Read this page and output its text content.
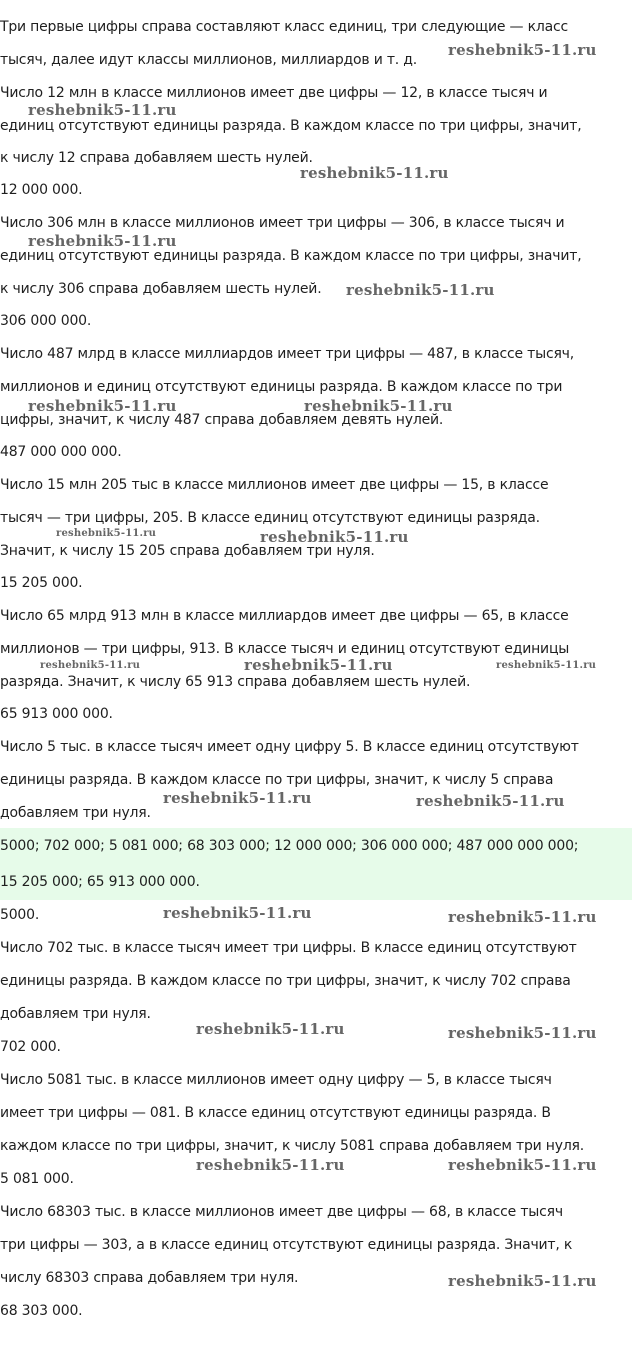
Три первые цифры справа составляют класс единиц, три следующие — класс
тысяч, далее идут классы миллионов, миллиардов и т. д.
Число 12 млн в классе миллионов имеет две цифры — 12, в классе тысяч и
единиц отсутствуют единицы разряда. В каждом классе по три цифры, значит,
к числу 12 справа добавляем шесть нулей.
12 000 000.
Число 306 млн в классе миллионов имеет три цифры — 306, в классе тысяч и
единиц отсутствуют единицы разряда. В каждом классе по три цифры, значит,
к числу 306 справа добавляем шесть нулей.
306 000 000.
Число 487 млрд в классе миллиардов имеет три цифры — 487, в классе тысяч,
миллионов и единиц отсутствуют единицы разряда. В каждом классе по три
цифры, значит, к числу 487 справа добавляем девять нулей.
487 000 000 000.
Число 15 млн 205 тыс в классе миллионов имеет две цифры — 15, в классе
тысяч — три цифры, 205. В классе единиц отсутствуют единицы разряда.
Значит, к числу 15 205 справа добавляем три нуля.
15 205 000.
Число 65 млрд 913 млн в классе миллиардов имеет две цифры — 65, в классе
миллионов — три цифры, 913. В классе тысяч и единиц отсутствуют единицы
разряда. Значит, к числу 65 913 справа добавляем шесть нулей.
65 913 000 000.
Число 5 тыс. в классе тысяч имеет одну цифру 5. В классе единиц отсутствуют
единицы разряда. В каждом классе по три цифры, значит, к числу 5 справа
добавляем три нуля.
5000; 702 000; 5 081 000; 68 303 000; 12 000 000; 306 000 000; 487 000 000 000;
15 205 000; 65 913 000 000.
5000.
Число 702 тыс. в классе тысяч имеет три цифры. В классе единиц отсутствуют
единицы разряда. В каждом классе по три цифры, значит, к числу 702 справа
добавляем три нуля.
702 000.
Число 5081 тыс. в классе миллионов имеет одну цифру — 5, в классе тысяч
имеет три цифры — 081. В классе единиц отсутствуют единицы разряда. В
каждом классе по три цифры, значит, к числу 5081 справа добавляем три нуля.
5 081 000.
Число 68303 тыс. в классе миллионов имеет две цифры — 68, в классе тысяч
три цифры — 303, а в классе единиц отсутствуют единицы разряда. Значит, к
числу 68303 справа добавляем три нуля.
68 303 000.
reshebnik5-11.ru
reshebnik5-11.ru
reshebnik5-11.ru
reshebnik5-11.ru
reshebnik5-11.ru
reshebnik5-11.ru	reshebnik5-11.ru
reshebnik5-11.ru	reshebnik5-11.ru
reshebnik5-11.ru	reshebnik5-11.ru	reshebnik5-11.ru
reshebnik5-11.ru	reshebnik5-11.ru
reshebnik5-11.ru	reshebnik5-11.ru
reshebnik5-11.ru	reshebnik5-11.ru
reshebnik5-11.ru	reshebnik5-11.ru
reshebnik5-11.ru
